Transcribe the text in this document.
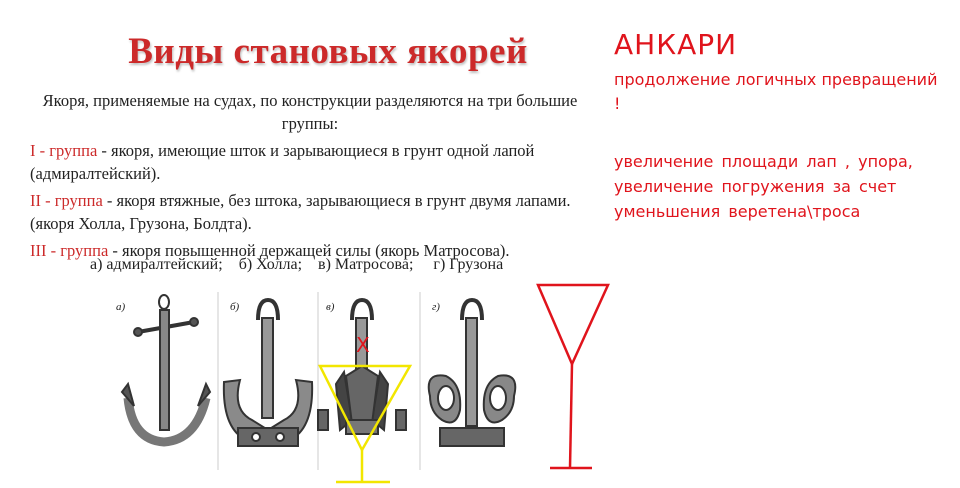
Виды становых якорей

Якоря, применяемые на судах, по конструкции разделяются на три большие группы:

I - группа - якоря, имеющие шток и зарывающиеся в грунт одной лапой (адмиралтейский).

II - группа - якоря втяжные, без штока, зарывающиеся в грунт двумя лапами. (якоря Холла, Грузона, Болдта).

III - группа - якоря повышенной держащей силы (якорь Матросова).

а) адмиралтейский;    б) Холла;    в) Матросова;     г) Грузона
АНКАРИ
продолжение логичных превращений !
увеличение площади лап , упора, увеличение погружения за счет уменьшения веретена\троса
X
а)	б)	в)	г)
